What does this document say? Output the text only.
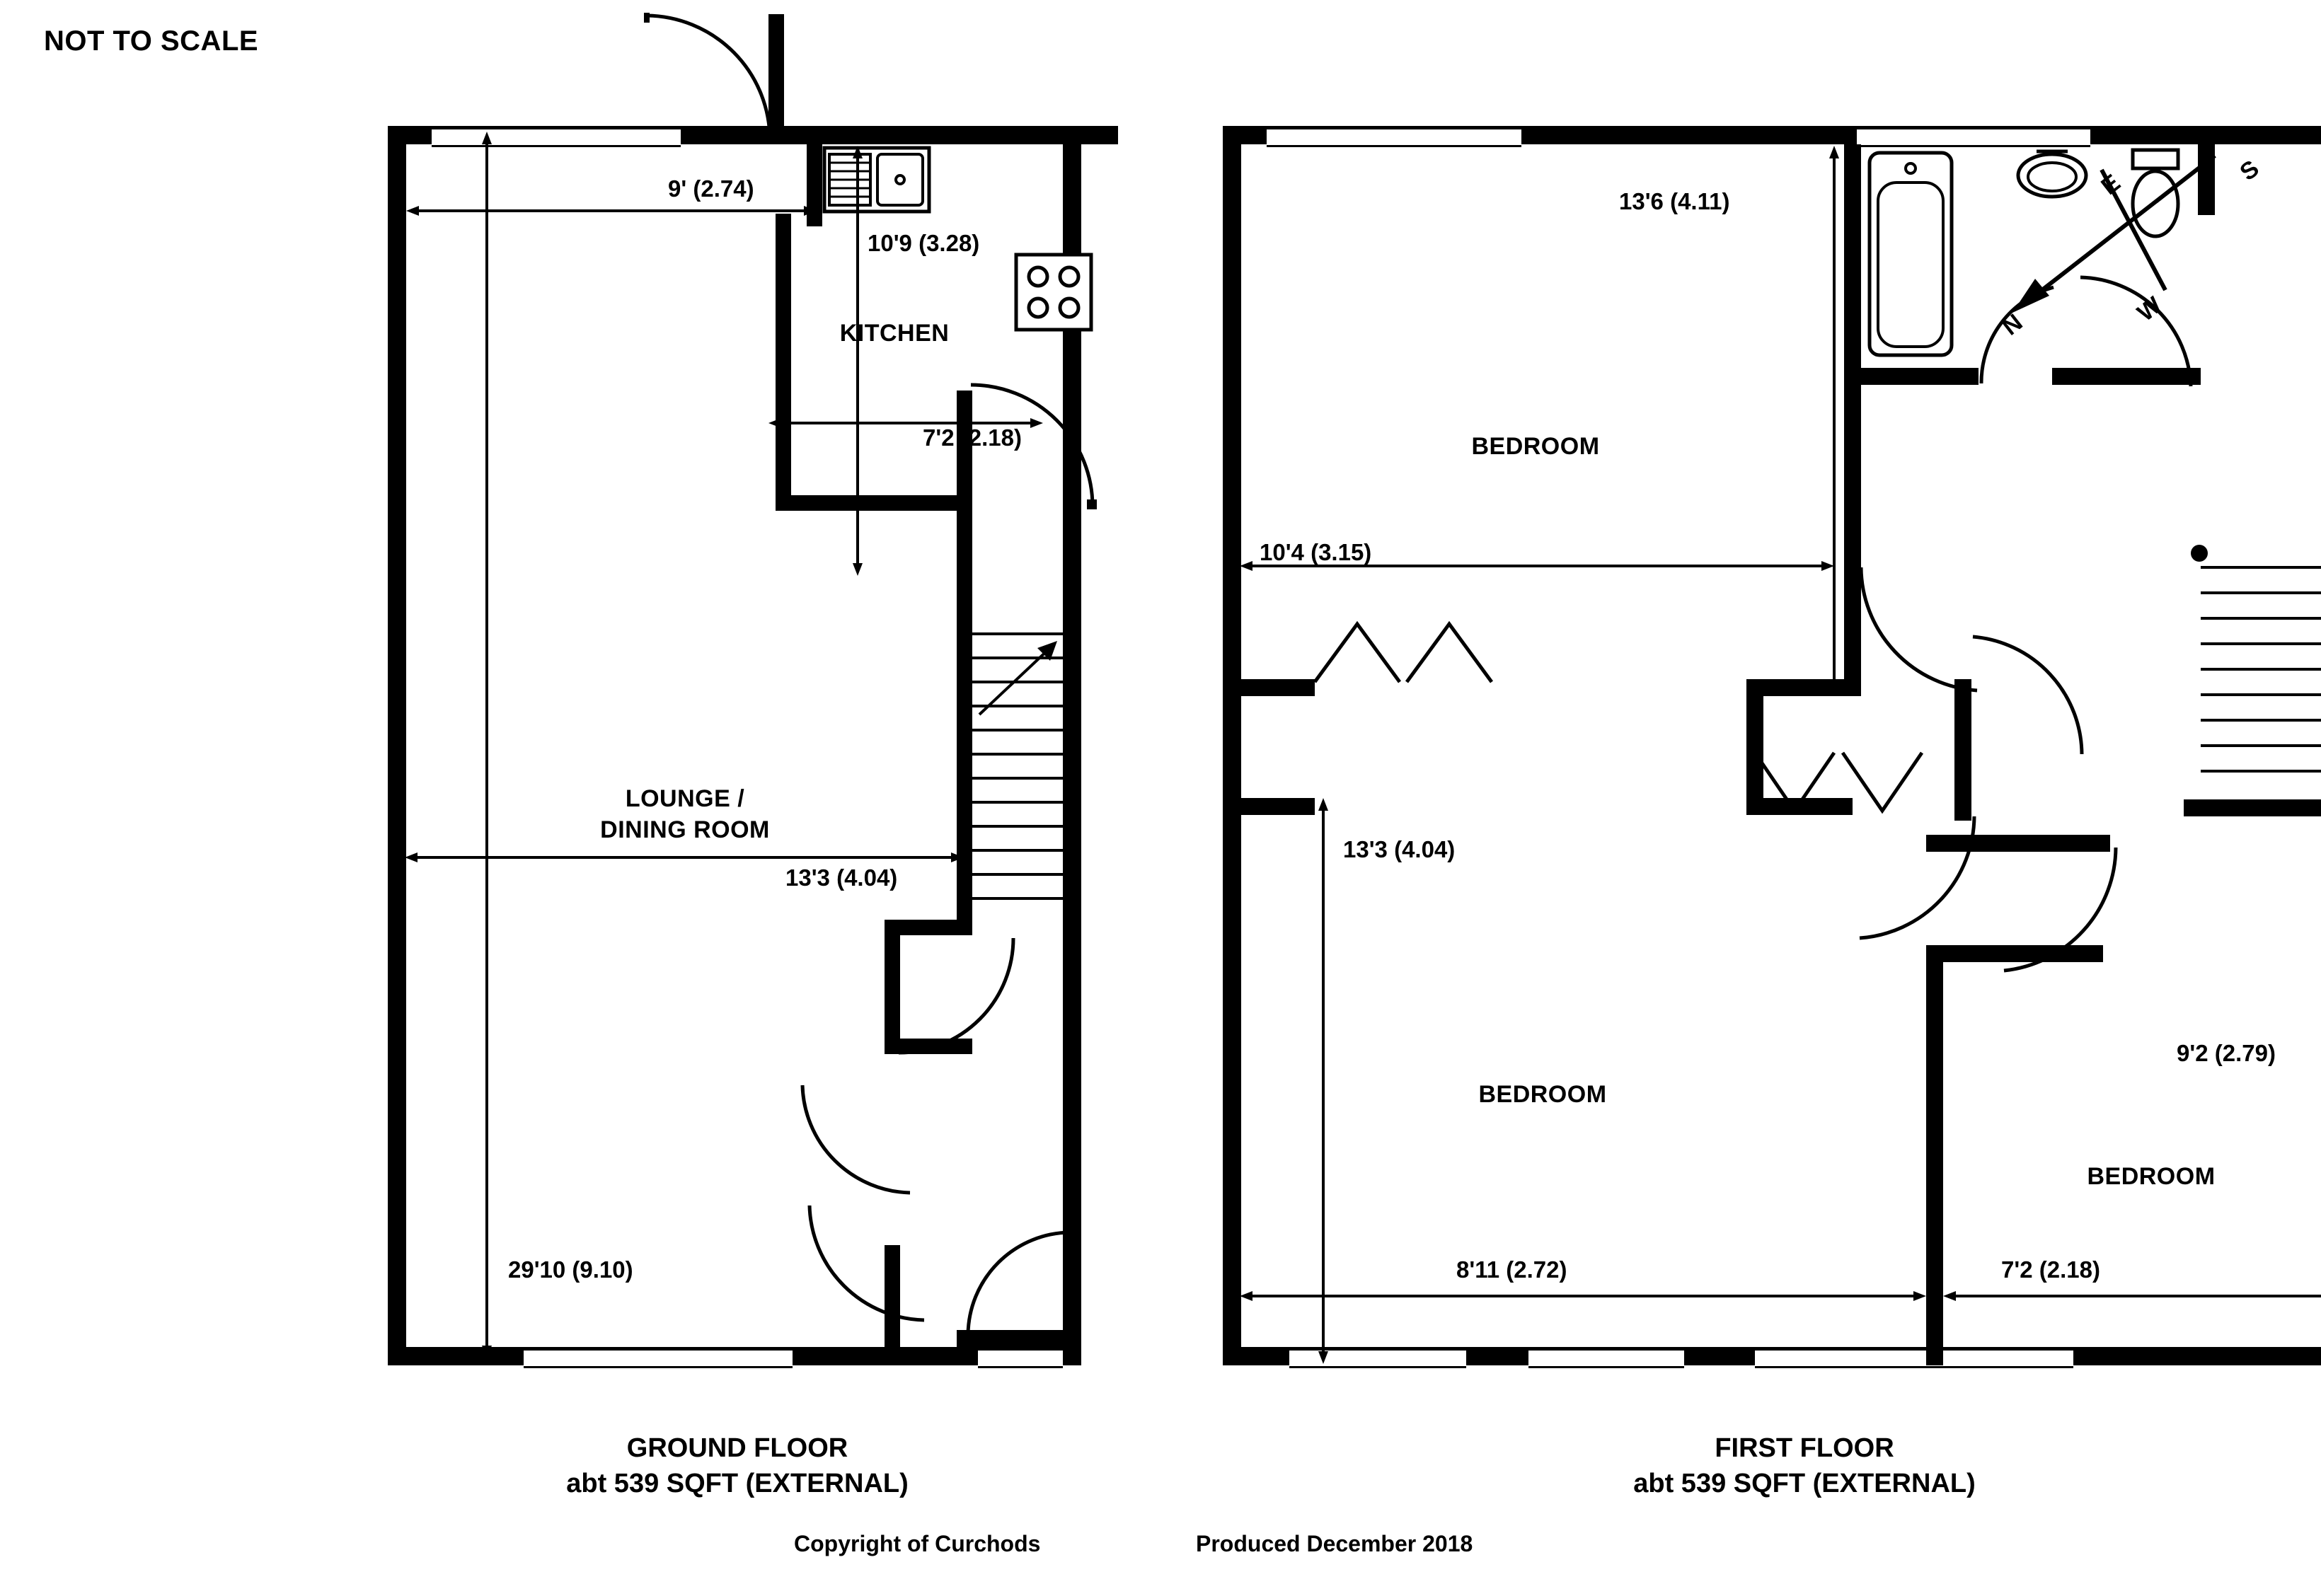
NOT TO SCALE
9' (2.74)
10'9 (3.28)
7'2 (2.18)
13'3 (4.04)
29'10 (9.10)
KITCHEN
LOUNGE /
DINING ROOM
GROUND FLOOR
abt 539 SQFT (EXTERNAL)
13'6 (4.11)
10'4 (3.15)
13'3 (4.04)
9'2 (2.79)
8'11 (2.72)	7'2 (2.18)
BEDROOM
BEDROOM
BEDROOM
FIRST FLOOR
abt 539 SQFT (EXTERNAL)
N
E	S
W
Copyright of Curchods	Produced December 2018
